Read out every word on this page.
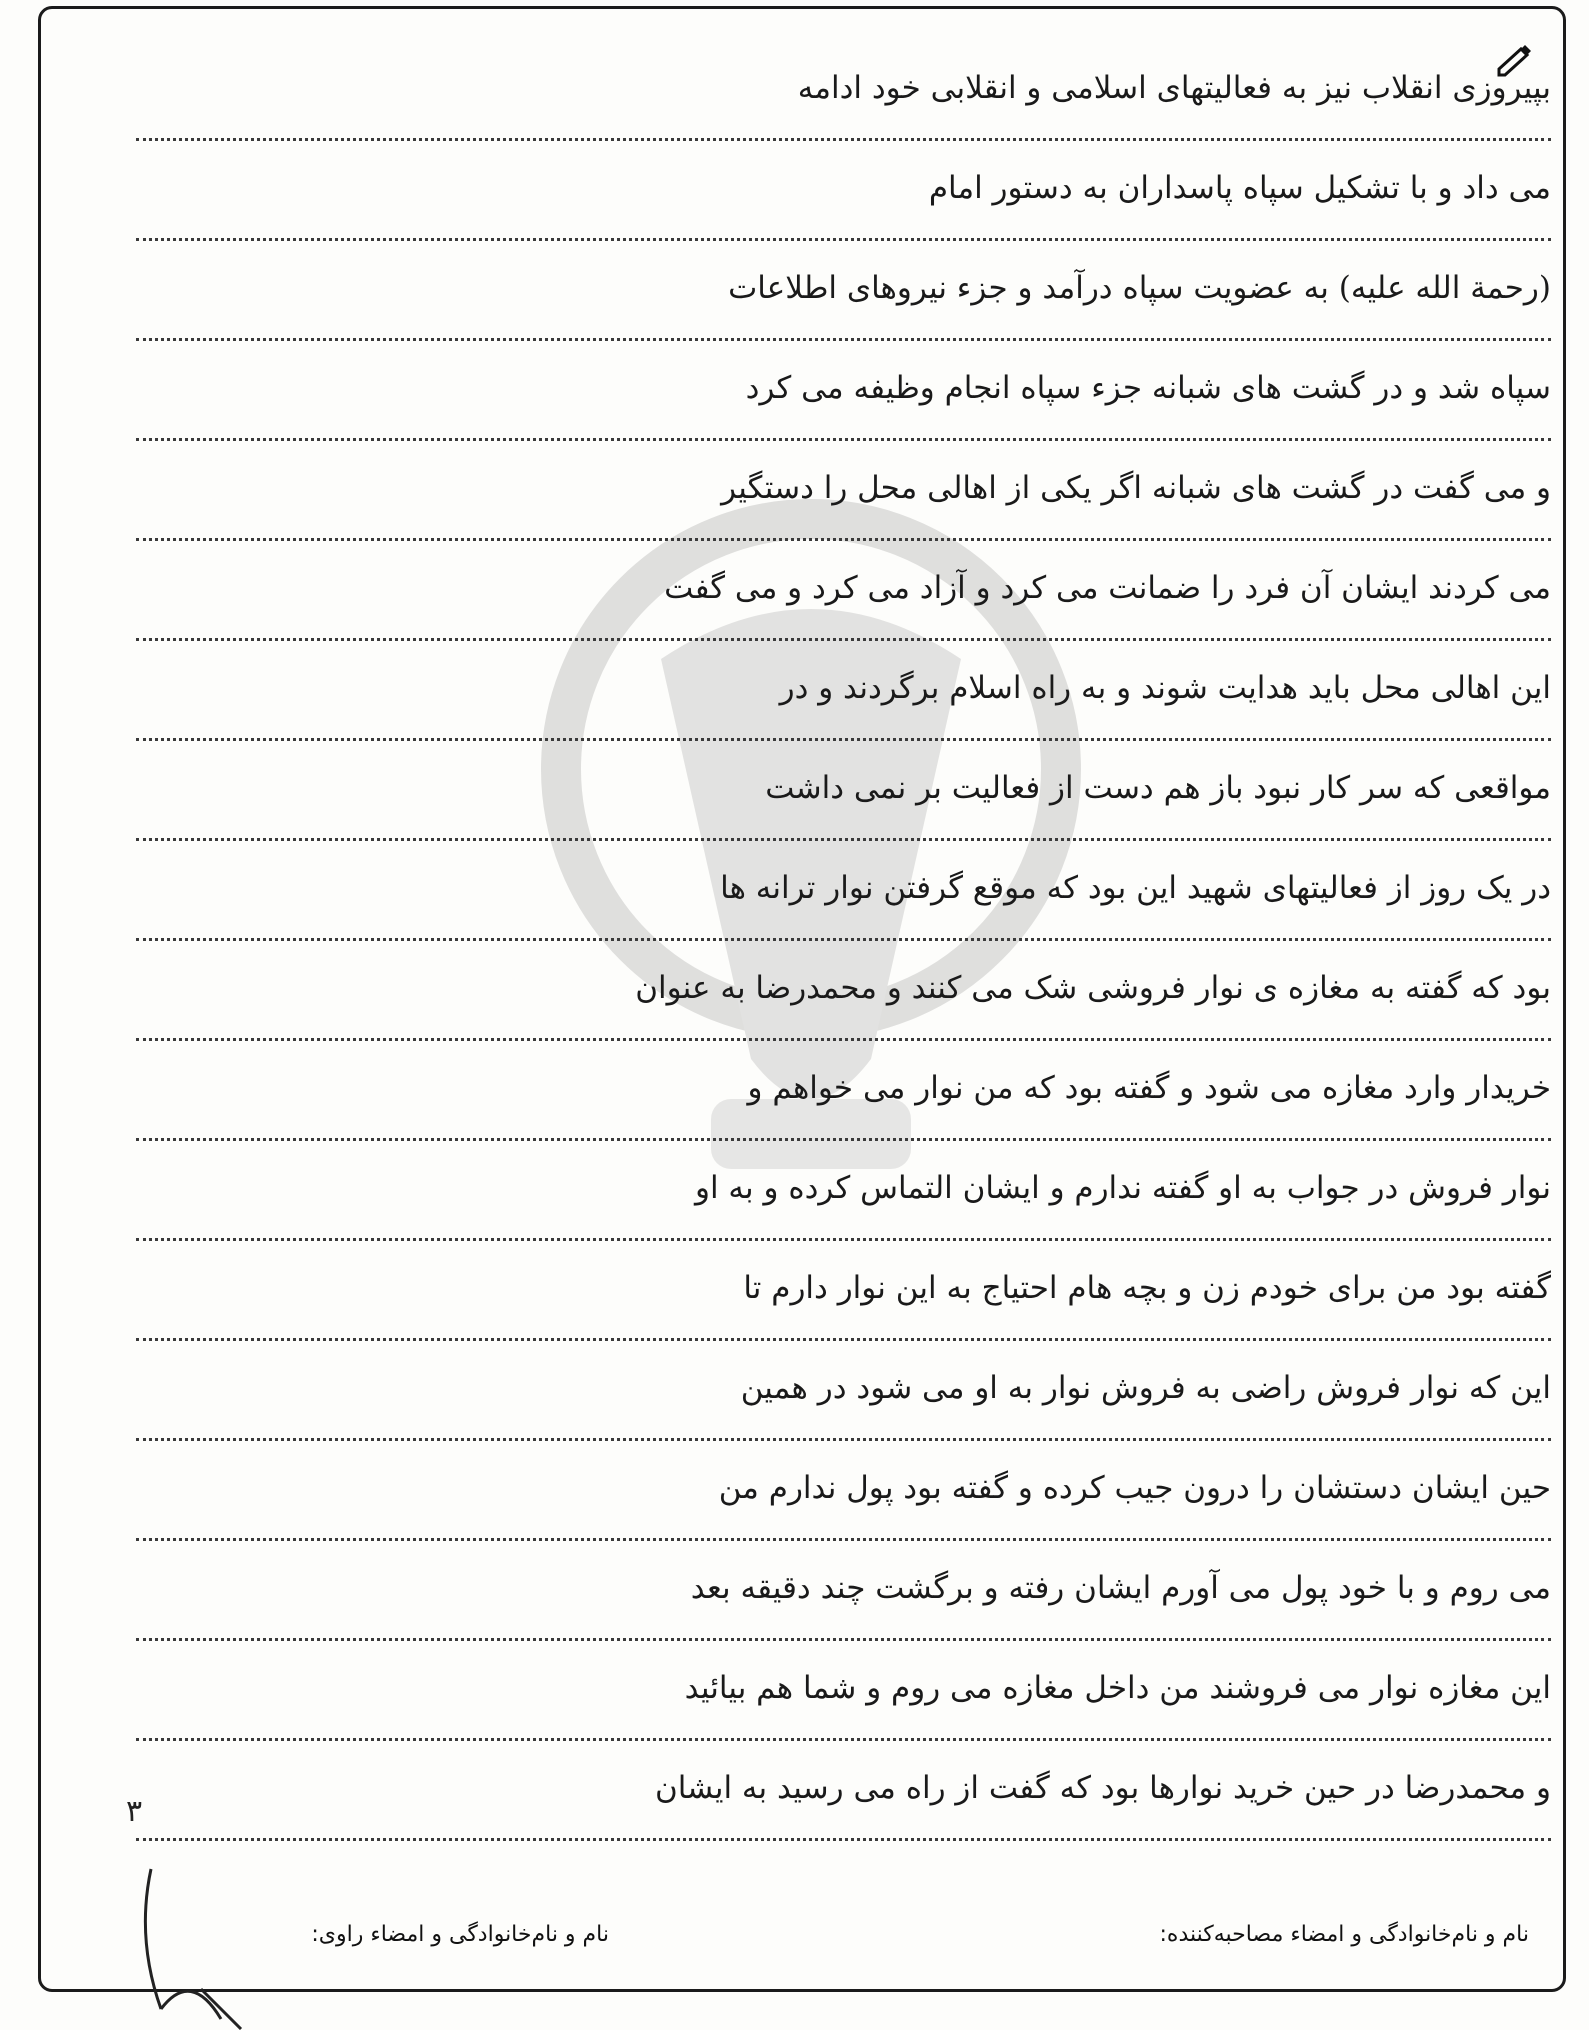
بپیروزی انقلاب نیز به فعالیتهای اسلامی و انقلابی خود ادامه
می داد و با تشکیل سپاه پاسداران به دستور امام
(رحمة الله علیه) به عضویت سپاه درآمد و جزء نیروهای اطلاعات
سپاه شد و در گشت های شبانه جزء سپاه انجام وظیفه می کرد
و می گفت در گشت های شبانه اگر یکی از اهالی محل را دستگیر
می کردند ایشان آن فرد را ضمانت می کرد و آزاد می کرد و می گفت
این اهالی محل باید هدایت شوند و به راه اسلام برگردند و در
مواقعی که سر کار نبود باز هم دست از فعالیت بر نمی داشت
در یک روز از فعالیتهای شهید این بود که موقع گرفتن نوار ترانه ها
بود که گفته به مغازه ی نوار فروشی شک می کنند و محمدرضا به عنوان
خریدار وارد مغازه می شود و گفته بود که من نوار می خواهم و
نوار فروش در جواب به او گفته ندارم و ایشان التماس کرده و به او
گفته بود من برای خودم زن و بچه هام احتیاج به این نوار دارم تا
این که نوار فروش راضی به فروش نوار به او می شود در همین
حین ایشان دستشان را درون جیب کرده و گفته بود پول ندارم من
می روم و با خود پول می آورم ایشان رفته و برگشت چند دقیقه بعد
این مغازه نوار می فروشند من داخل مغازه می روم و شما هم بیائید
و محمدرضا در حین خرید نوارها بود که گفت از راه می رسید به ایشان
۳
نام و نام‌خانوادگی و امضاء مصاحبه‌کننده:
نام و نام‌خانوادگی و امضاء راوی:
